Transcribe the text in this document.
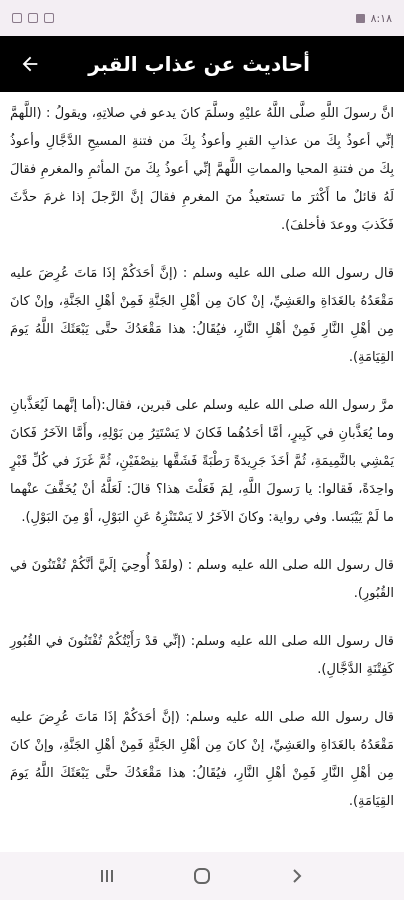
٨:١٨
أحاديث عن عذاب القبر

انَّ رسولَ اللَّهِ صلَّى اللَّهُ عليْهِ وسلَّمَ كانَ يدعو في صلاتِهِ، ويقولُ : (اللَّهمَّ إنِّي أعوذُ بِكَ من عذابِ القبرِ وأعوذُ بِكَ من فتنةِ المسيحِ الدَّجَّالِ وأعوذُ بِكَ من فتنةِ المحيا والمماتِ اللَّهمَّ إنِّي أعوذُ بِكَ منَ المأثمِ والمغرمِ فقالَ لَهُ قائلٌ ما أَكْثرَ ما تستعيذُ منَ المغرمِ فقالَ إنَّ الرَّجلَ إذا غرمَ حدَّثَ فَكَذبَ ووعدَ فأخلفَ).

قال رسول الله صلى الله عليه وسلم : (إنَّ أحَدَكُمْ إذَا مَاتَ عُرِضَ عليه مَقْعَدُهُ بالغَدَاةِ والعَشِيِّ، إنْ كانَ مِن أهْلِ الجَنَّةِ فَمِنْ أهْلِ الجَنَّةِ، وإنْ كانَ مِن أهْلِ النَّارِ فَمِنْ أهْلِ النَّارِ، فيُقَالُ: هذا مَقْعَدُكَ حتَّى يَبْعَثَكَ اللَّهُ يَومَ القِيَامَةِ).

مرَّ رسول الله صلى الله عليه وسلم على قبرين، فقال:(أما إنَّهما لَيُعَذَّبانِ وما يُعَذَّبانِ في كَبِيرٍ، أمَّا أحَدُهُما فَكانَ لا يَسْتَتِرُ مِن بَوْلِهِ، وأَمَّا الآخَرُ فَكانَ يَمْشِي بالنَّمِيمَةِ، ثُمَّ أخَذَ جَرِيدَةً رَطْبَةً فَشَقَّها بنِصْفَيْنِ، ثُمَّ غَرَزَ في كُلِّ قَبْرٍ واحِدَةً، فَقالوا: يا رَسولَ اللَّهِ، لِمَ فَعَلْتَ هذا؟ قالَ: لَعَلَّهُ أنْ يُخَفَّفَ عنْهما ما لَمْ يَيْبَسا. وفي رواية: وكانَ الآخَرُ لا يَسْتَنْزِهُ عَنِ البَوْلِ، أوْ مِنَ البَوْلِ).

قال رسول الله صلى الله عليه وسلم : (ولقَدْ أُوحِيَ إلَيَّ أنَّكُمْ تُفْتَنُونَ في القُبُورِ).

قال رسول الله صلى الله عليه وسلم: (إنِّي قدْ رَأَيْتُكُمْ تُفْتَنُونَ في القُبُورِ كَفِتْنَةِ الدَّجَّالِ).

قال رسول الله صلى الله عليه وسلم: (إنَّ أحَدَكُمْ إذَا مَاتَ عُرِضَ عليه مَقْعَدُهُ بالغَدَاةِ والعَشِيِّ، إنْ كانَ مِن أهْلِ الجَنَّةِ فَمِنْ أهْلِ الجَنَّةِ، وإنْ كانَ مِن أهْلِ النَّارِ فَمِنْ أهْلِ النَّارِ، فيُقَالُ: هذا مَقْعَدُكَ حتَّى يَبْعَثَكَ اللَّهُ يَومَ القِيَامَةِ).
